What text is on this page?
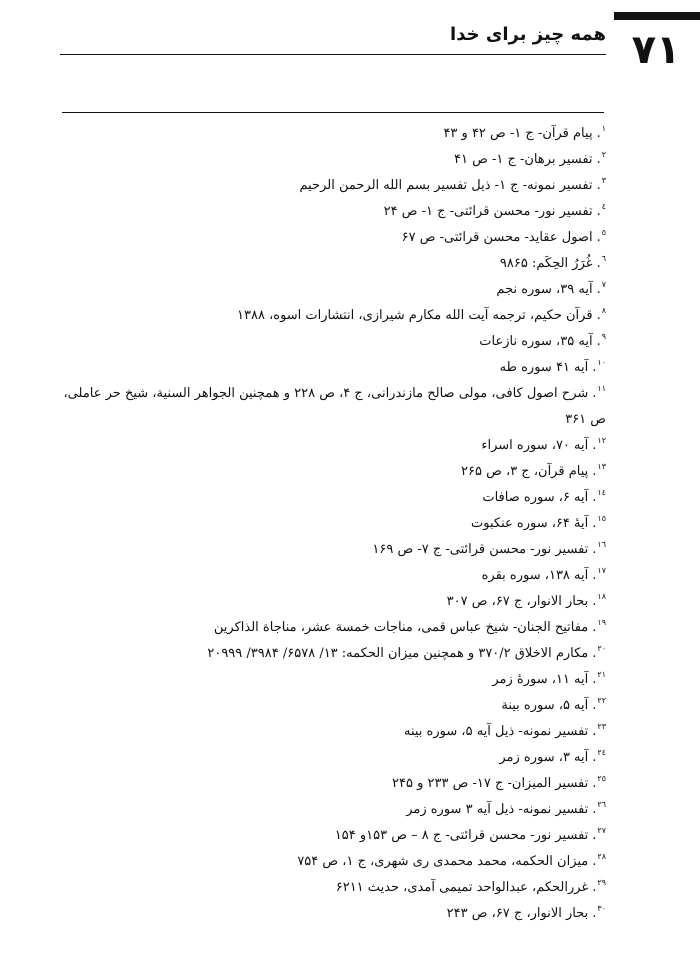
همه چیز برای خدا ۷۱
$^١$.پیام قرآن- ج ۱- ص ۴۲ و ۴۳
$^٢$.تفسیر برهان- ج ۱- ص ۴۱
$^٣$.تفسیر نمونه- ج ۱- ذیل تفسیر بسم الله الرحمن الرحیم
$^٤$.تفسیر نور- محسن قرائتی- ج ۱- ص ۲۴
$^٥$.اصول عقاید- محسن قرائتی- ص ۶۷
$^٦$.غُرَرُ الحِکَم: ۹۸۶۵
$^٧$.آیه ۳۹، سوره نجم
$^٨$.قرآن حکیم، ترجمه آیت الله مکارم شیرازی، انتشارات اسوه، ۱۳۸۸
$^٩$.آیه ۳۵، سوره نازعات
$^{١٠}$.آیه ۴۱ سوره طه
$^{١١}$.شرح اصول کافی، مولی صالح مازندرانی، ج ۴، ص ۲۲۸ و همچنین الجواهر السنية، شیخ حر عاملی، ص ۳۶۱
$^{١٢}$.آیه ۷۰، سوره اسراء
$^{١٣}$.پیام قرآن، ج ۳، ص ۲۶۵
$^{١٤}$.آیه ۶، سوره صافات
$^{١٥}$.آیهٔ ۶۴، سوره عنکبوت
$^{١٦}$.تفسیر نور- محسن قرائتی- ج ۷- ص ۱۶۹
$^{١٧}$.آیه ۱۳۸، سوره بقره
$^{١٨}$.بحار الانوار، ج ۶۷، ص ۳۰۷
$^{١٩}$.مفاتیح الجنان- شیخ عباس قمی، مناجات خمسة عشر، مناجاة الذاکرین
$^{٢٠}$.مکارم الاخلاق ۳۷۰/۲ و همچنین میزان الحکمه: ۱۳/ ۶۵۷۸/ ۳۹۸۴/ ۲۰۹۹۹
$^{٢١}$.آیه ۱۱، سورهٔ زمر
$^{٢٢}$.آیه ۵، سوره بینة
$^{٢٣}$.تفسیر نمونه- ذیل آیه ۵، سوره بینه
$^{٢٤}$.آیه ۳، سوره زمر
$^{٢٥}$.تفسیر المیزان- ج ۱۷- ص ۲۳۳ و ۲۴۵
$^{٢٦}$.تفسیر نمونه- ذیل آیه ۳ سوره زمر
$^{٢٧}$.تفسیر نور- محسن قرائتی- ج ۸ – ص ۱۵۳و ۱۵۴
$^{٢٨}$.میزان الحکمه، محمد محمدی ری شهری، ج ۱، ص ۷۵۴
$^{٢٩}$.غررالحکم، عبدالواحد تمیمی آمدی، حدیث ۶۲۱۱
$^{٣٠}$.بحار الانوار، ج ۶۷، ص ۲۴۳
